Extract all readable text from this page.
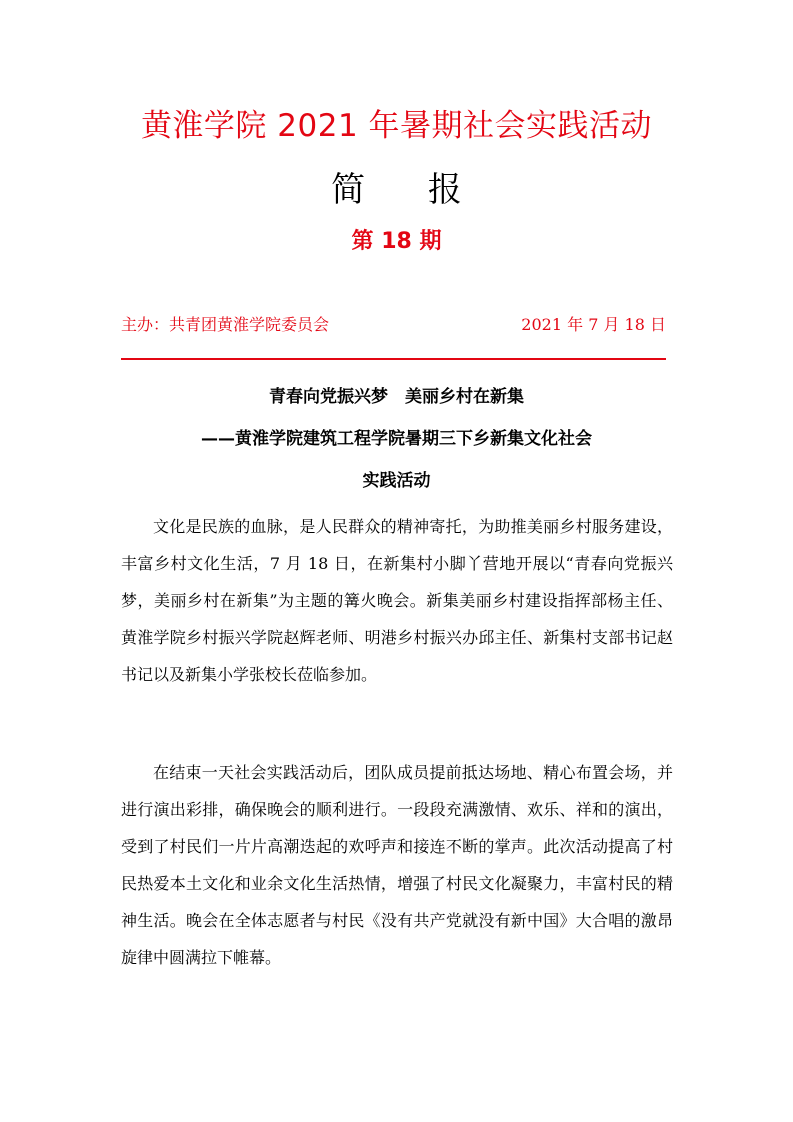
黄淮学院 2021 年暑期社会实践活动
简 报
第 18 期
主办：共青团黄淮学院委员会	2021 年 7 月 18 日
青春向党振兴梦　美丽乡村在新集
——黄淮学院建筑工程学院暑期三下乡新集文化社会
实践活动

文化是民族的血脉，是人民群众的精神寄托，为助推美丽乡村服务建设，丰富乡村文化生活，7 月 18 日，在新集村小脚丫营地开展以“青春向党振兴梦，美丽乡村在新集”为主题的篝火晚会。新集美丽乡村建设指挥部杨主任、黄淮学院乡村振兴学院赵辉老师、明港乡村振兴办邱主任、新集村支部书记赵书记以及新集小学张校长莅临参加。

在结束一天社会实践活动后，团队成员提前抵达场地、精心布置会场，并进行演出彩排，确保晚会的顺利进行。一段段充满激情、欢乐、祥和的演出，受到了村民们一片片高潮迭起的欢呼声和接连不断的掌声。此次活动提高了村民热爱本土文化和业余文化生活热情，增强了村民文化凝聚力，丰富村民的精神生活。晚会在全体志愿者与村民《没有共产党就没有新中国》大合唱的激昂旋律中圆满拉下帷幕。
